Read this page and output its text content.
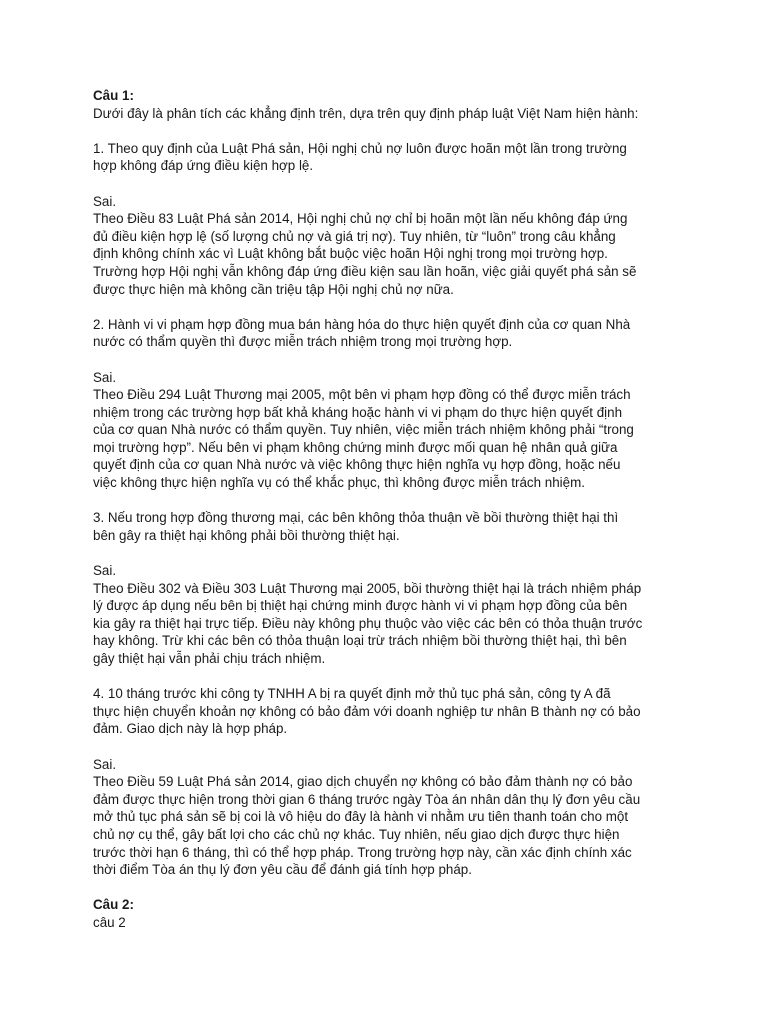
Câu 1:
Dưới đây là phân tích các khẳng định trên, dựa trên quy định pháp luật Việt Nam hiện hành:
1. Theo quy định của Luật Phá sản, Hội nghị chủ nợ luôn được hoãn một lần trong trường
hợp không đáp ứng điều kiện hợp lệ.
Sai.
Theo Điều 83 Luật Phá sản 2014, Hội nghị chủ nợ chỉ bị hoãn một lần nếu không đáp ứng
đủ điều kiện hợp lệ (số lượng chủ nợ và giá trị nợ). Tuy nhiên, từ “luôn” trong câu khẳng
định không chính xác vì Luật không bắt buộc việc hoãn Hội nghị trong mọi trường hợp.
Trường hợp Hội nghị vẫn không đáp ứng điều kiện sau lần hoãn, việc giải quyết phá sản sẽ
được thực hiện mà không cần triệu tập Hội nghị chủ nợ nữa.
2. Hành vi vi phạm hợp đồng mua bán hàng hóa do thực hiện quyết định của cơ quan Nhà
nước có thẩm quyền thì được miễn trách nhiệm trong mọi trường hợp.
Sai.
Theo Điều 294 Luật Thương mại 2005, một bên vi phạm hợp đồng có thể được miễn trách
nhiệm trong các trường hợp bất khả kháng hoặc hành vi vi phạm do thực hiện quyết định
của cơ quan Nhà nước có thẩm quyền. Tuy nhiên, việc miễn trách nhiệm không phải “trong
mọi trường hợp”. Nếu bên vi phạm không chứng minh được mối quan hệ nhân quả giữa
quyết định của cơ quan Nhà nước và việc không thực hiện nghĩa vụ hợp đồng, hoặc nếu
việc không thực hiện nghĩa vụ có thể khắc phục, thì không được miễn trách nhiệm.
3. Nếu trong hợp đồng thương mại, các bên không thỏa thuận về bồi thường thiệt hại thì
bên gây ra thiệt hại không phải bồi thường thiệt hại.
Sai.
Theo Điều 302 và Điều 303 Luật Thương mại 2005, bồi thường thiệt hại là trách nhiệm pháp
lý được áp dụng nếu bên bị thiệt hại chứng minh được hành vi vi phạm hợp đồng của bên
kia gây ra thiệt hại trực tiếp. Điều này không phụ thuộc vào việc các bên có thỏa thuận trước
hay không. Trừ khi các bên có thỏa thuận loại trừ trách nhiệm bồi thường thiệt hại, thì bên
gây thiệt hại vẫn phải chịu trách nhiệm.
4. 10 tháng trước khi công ty TNHH A bị ra quyết định mở thủ tục phá sản, công ty A đã
thực hiện chuyển khoản nợ không có bảo đảm với doanh nghiệp tư nhân B thành nợ có bảo
đảm. Giao dịch này là hợp pháp.
Sai.
Theo Điều 59 Luật Phá sản 2014, giao dịch chuyển nợ không có bảo đảm thành nợ có bảo
đảm được thực hiện trong thời gian 6 tháng trước ngày Tòa án nhân dân thụ lý đơn yêu cầu
mở thủ tục phá sản sẽ bị coi là vô hiệu do đây là hành vi nhằm ưu tiên thanh toán cho một
chủ nợ cụ thể, gây bất lợi cho các chủ nợ khác. Tuy nhiên, nếu giao dịch được thực hiện
trước thời hạn 6 tháng, thì có thể hợp pháp. Trong trường hợp này, cần xác định chính xác
thời điểm Tòa án thụ lý đơn yêu cầu để đánh giá tính hợp pháp.
Câu 2:
câu 2
